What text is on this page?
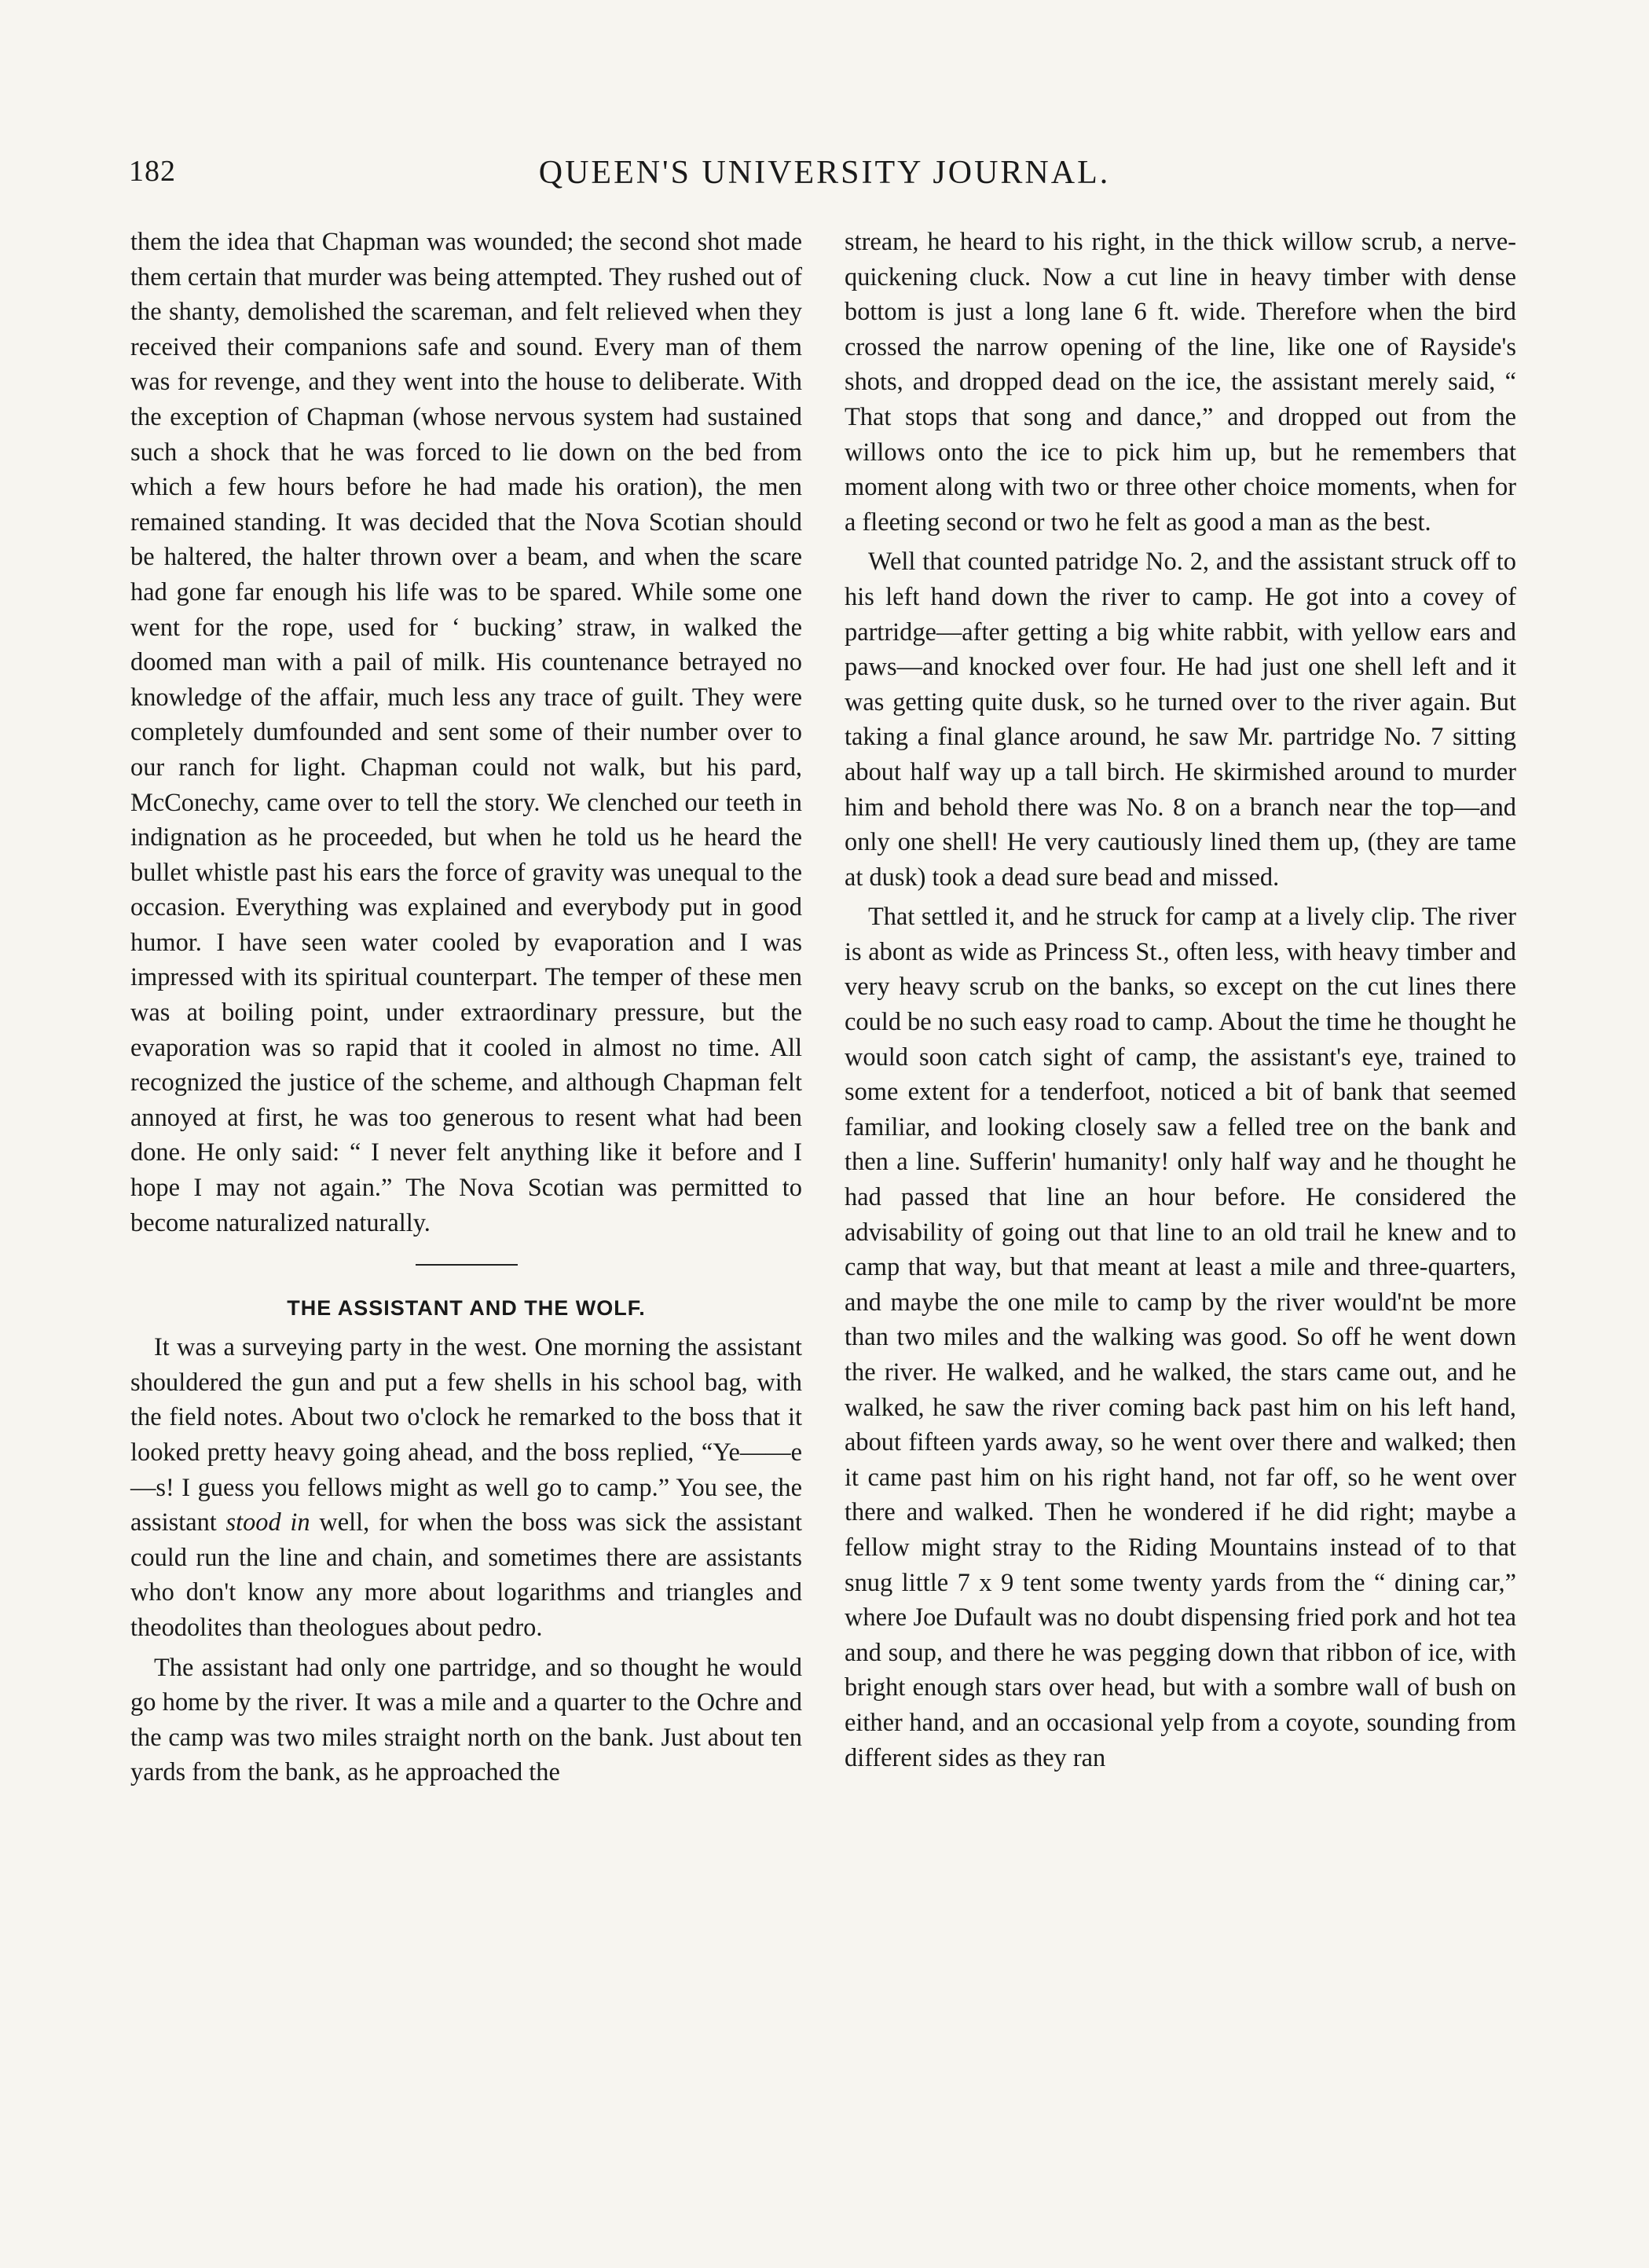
182	QUEEN'S UNIVERSITY JOURNAL.

them the idea that Chapman was wounded; the second shot made them certain that murder was being attempted. They rushed out of the shanty, demolished the scareman, and felt relieved when they received their companions safe and sound. Every man of them was for revenge, and they went into the house to deliberate. With the exception of Chapman (whose nervous system had sustained such a shock that he was forced to lie down on the bed from which a few hours before he had made his oration), the men remained standing. It was decided that the Nova Scotian should be haltered, the halter thrown over a beam, and when the scare had gone far enough his life was to be spared. While some one went for the rope, used for ‘ bucking’ straw, in walked the doomed man with a pail of milk. His countenance betrayed no knowledge of the affair, much less any trace of guilt. They were completely dumfounded and sent some of their number over to our ranch for light. Chapman could not walk, but his pard, McConechy, came over to tell the story. We clenched our teeth in indignation as he proceeded, but when he told us he heard the bullet whistle past his ears the force of gravity was unequal to the occasion. Everything was explained and everybody put in good humor. I have seen water cooled by evaporation and I was impressed with its spiritual counterpart. The temper of these men was at boiling point, under extraordinary pressure, but the evaporation was so rapid that it cooled in almost no time. All recognized the justice of the scheme, and although Chapman felt annoyed at first, he was too generous to resent what had been done. He only said: “ I never felt anything like it before and I hope I may not again.” The Nova Scotian was permitted to become naturalized naturally.

THE ASSISTANT AND THE WOLF.

It was a surveying party in the west. One morning the assistant shouldered the gun and put a few shells in his school bag, with the field notes. About two o'clock he remarked to the boss that it looked pretty heavy going ahead, and the boss replied, “Ye——e—s! I guess you fellows might as well go to camp.” You see, the assistant stood in well, for when the boss was sick the assistant could run the line and chain, and sometimes there are assistants who don't know any more about logarithms and triangles and theodolites than theologues about pedro.

The assistant had only one partridge, and so thought he would go home by the river. It was a mile and a quarter to the Ochre and the camp was two miles straight north on the bank. Just about ten yards from the bank, as he approached the

stream, he heard to his right, in the thick willow scrub, a nerve-quickening cluck. Now a cut line in heavy timber with dense bottom is just a long lane 6 ft. wide. Therefore when the bird crossed the narrow opening of the line, like one of Rayside's shots, and dropped dead on the ice, the assistant merely said, “ That stops that song and dance,” and dropped out from the willows onto the ice to pick him up, but he remembers that moment along with two or three other choice moments, when for a fleeting second or two he felt as good a man as the best.

Well that counted patridge No. 2, and the assistant struck off to his left hand down the river to camp. He got into a covey of partridge—after getting a big white rabbit, with yellow ears and paws—and knocked over four. He had just one shell left and it was getting quite dusk, so he turned over to the river again. But taking a final glance around, he saw Mr. partridge No. 7 sitting about half way up a tall birch. He skirmished around to murder him and behold there was No. 8 on a branch near the top—and only one shell! He very cautiously lined them up, (they are tame at dusk) took a dead sure bead and missed.

That settled it, and he struck for camp at a lively clip. The river is abont as wide as Princess St., often less, with heavy timber and very heavy scrub on the banks, so except on the cut lines there could be no such easy road to camp. About the time he thought he would soon catch sight of camp, the assistant's eye, trained to some extent for a tenderfoot, noticed a bit of bank that seemed familiar, and looking closely saw a felled tree on the bank and then a line. Sufferin' humanity! only half way and he thought he had passed that line an hour before. He considered the advisability of going out that line to an old trail he knew and to camp that way, but that meant at least a mile and three-quarters, and maybe the one mile to camp by the river would'nt be more than two miles and the walking was good. So off he went down the river. He walked, and he walked, the stars came out, and he walked, he saw the river coming back past him on his left hand, about fifteen yards away, so he went over there and walked; then it came past him on his right hand, not far off, so he went over there and walked. Then he wondered if he did right; maybe a fellow might stray to the Riding Mountains instead of to that snug little 7 x 9 tent some twenty yards from the “ dining car,” where Joe Dufault was no doubt dispensing fried pork and hot tea and soup, and there he was pegging down that ribbon of ice, with bright enough stars over head, but with a sombre wall of bush on either hand, and an occasional yelp from a coyote, sounding from different sides as they ran
